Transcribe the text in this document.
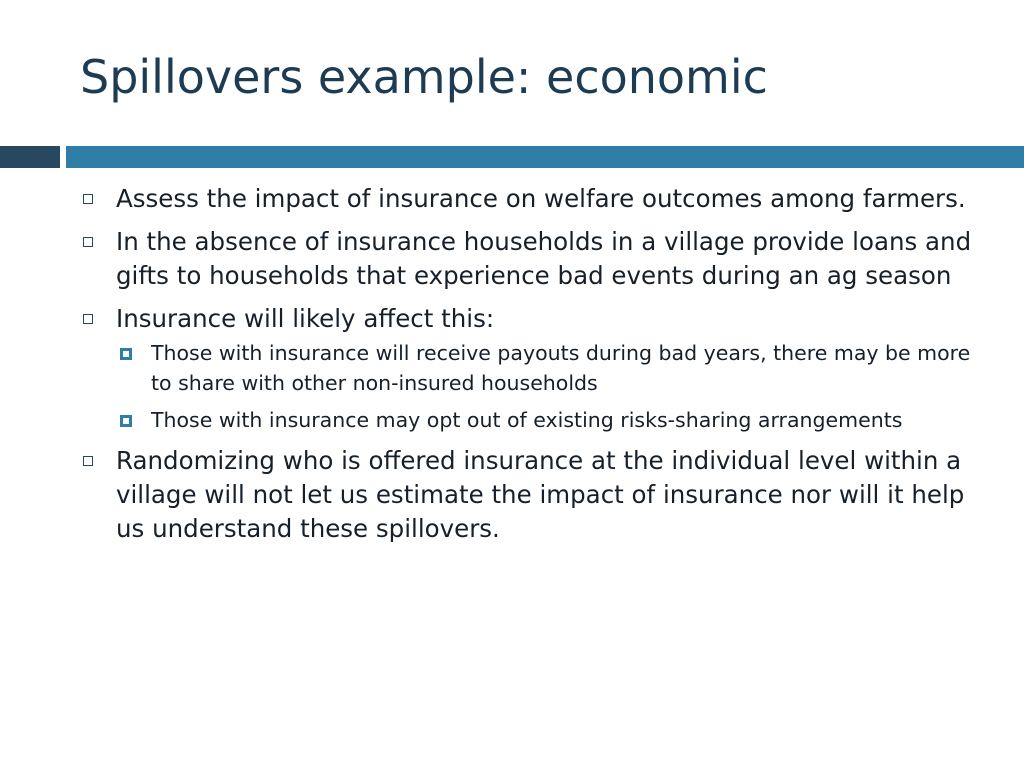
Spillovers example: economic
Assess the impact of insurance on welfare outcomes among farmers.
In the absence of insurance households in a village provide loans and gifts to households that experience bad events during an ag season
Insurance will likely affect this:
Those with insurance will receive payouts during bad years, there may be more to share with other non-insured households
Those with insurance may opt out of existing risks-sharing arrangements
Randomizing who is offered insurance at the individual level within a village will not let us estimate the impact of insurance nor will it help us understand these spillovers.
